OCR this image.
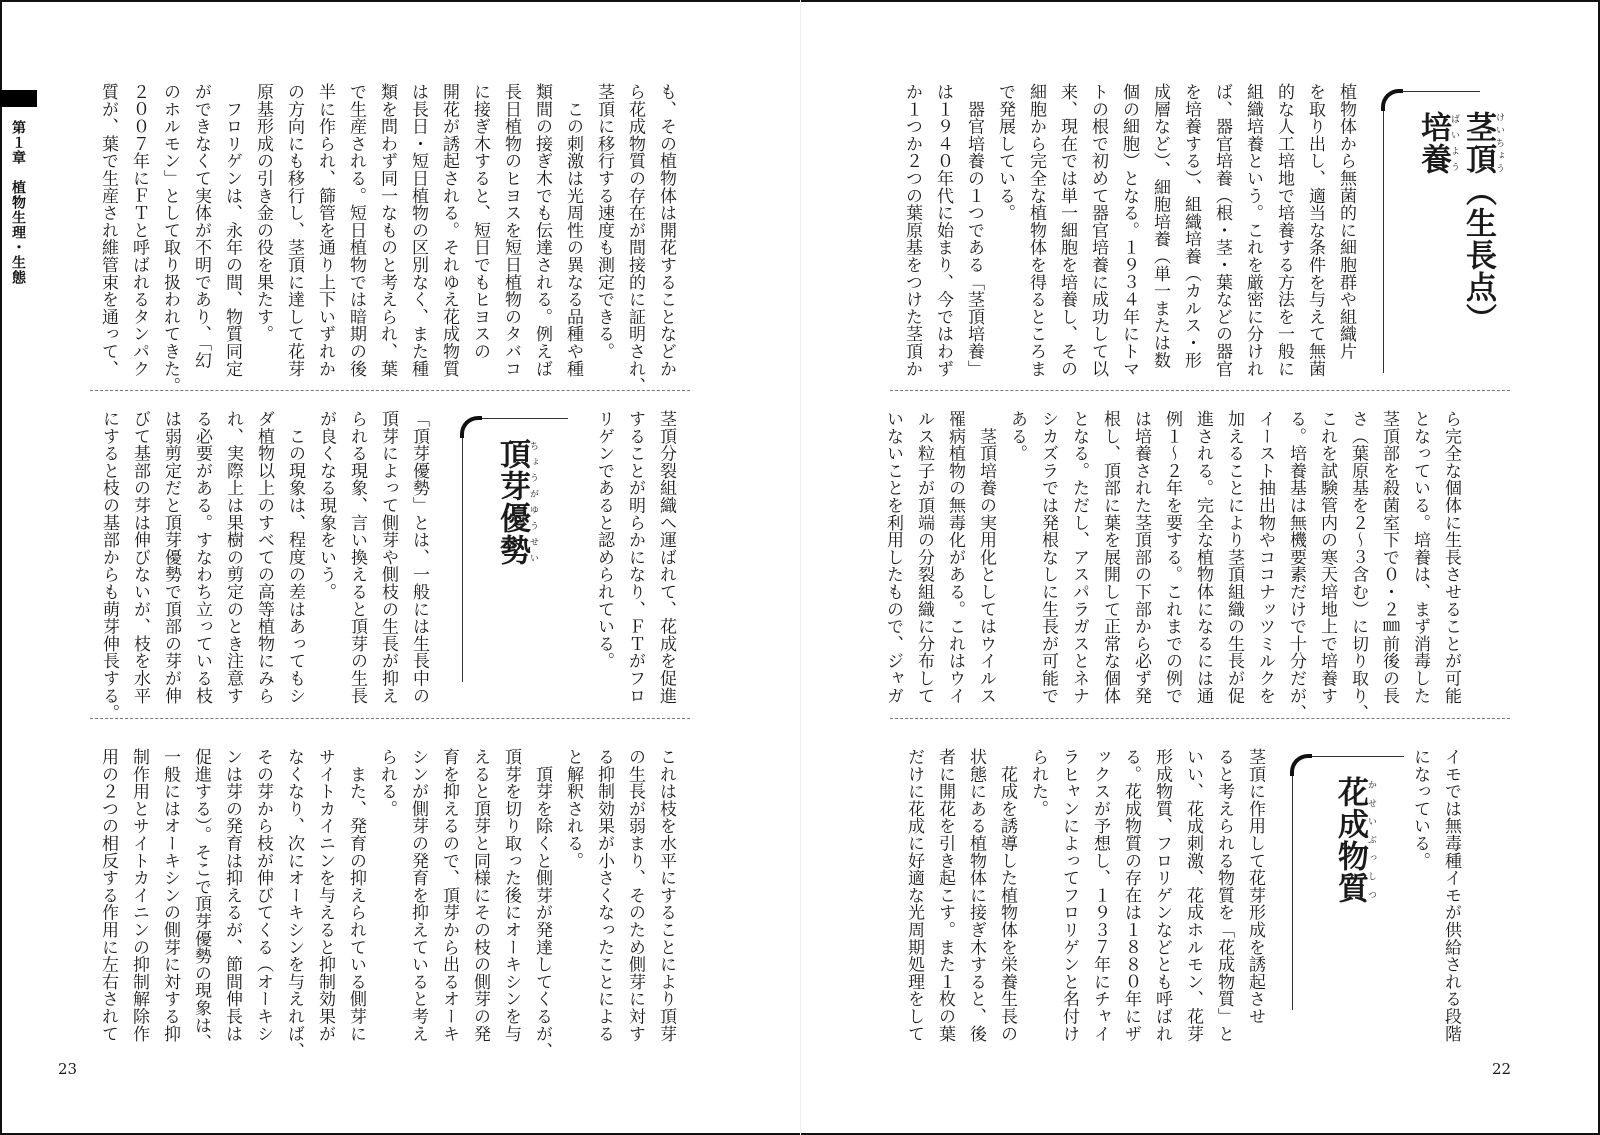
第１章　植物生理・生態	茎頂けいちょう（生長点）培養ばいよう
植物体から無菌的に細胞群や組織片
を取り出し、適当な条件を与えて無菌
的な人工培地で培養する方法を一般に
組織培養という。これを厳密に分けれ
ば、器官培養（根・茎・葉などの器官
を培養する）、組織培養（カルス・形
成層など）、細胞培養（単一または数
個の細胞）となる。１９３４年にトマ
トの根で初めて器官培養に成功して以
来、現在では単一細胞を培養し、その
細胞から完全な植物体を得るところま
で発展している。
　器官培養の１つである「茎頂培養」
は１９４０年代に始まり、今ではわず
か１つか２つの葉原基をつけた茎頂か
ら完全な個体に生長させることが可能
となっている。培養は、まず消毒した
茎頂部を殺菌室下で０・２㎜前後の長
さ（葉原基を２～３含む）に切り取り、
これを試験管内の寒天培地上で培養す
る。培養基は無機要素だけで十分だが、
イースト抽出物やココナッツミルクを
加えることにより茎頂組織の生長が促
進される。完全な植物体になるには通
例１～２年を要する。これまでの例で
は培養された茎頂部の下部から必ず発
根し、頂部に葉を展開して正常な個体
となる。ただし、アスパラガスとネナ
シカズラでは発根なしに生長が可能で
ある。
　茎頂培養の実用化としてはウイルス
罹病植物の無毒化がある。これはウイ
ルス粒子が頂端の分裂組織に分布して
いないことを利用したもので、ジャガ
イモでは無毒種イモが供給される段階
になっている。
花成物質かせいぶっしつ
茎頂に作用して花芽形成を誘起させ
ると考えられる物質を「花成物質」と
いい、花成刺激、花成ホルモン、花芽
形成物質、フロリゲンなどとも呼ばれ
る。花成物質の存在は１８８０年にザ
ックスが予想し、１９３７年にチャイ
ラヒャンによってフロリゲンと名付け
られた。
　花成を誘導した植物体を栄養生長の
状態にある植物体に接ぎ木すると、後
者に開花を引き起こす。また１枚の葉
だけに花成に好適な光周期処理をして
も、その植物体は開花することなどか
ら花成物質の存在が間接的に証明され、
茎頂に移行する速度も測定できる。
　この刺激は光周性の異なる品種や種
類間の接ぎ木でも伝達される。例えば
長日植物のヒヨスを短日植物のタバコ
に接ぎ木すると、短日でもヒヨスの
開花が誘起される。それゆえ花成物質
は長日・短日植物の区別なく、また種
類を問わず同一なものと考えられ、葉
で生産される。短日植物では暗期の後
半に作られ、篩管を通り上下いずれか
の方向にも移行し、茎頂に達して花芽
原基形成の引き金の役を果たす。
　フロリゲンは、永年の間、物質同定
ができなくて実体が不明であり、「幻
のホルモン」として取り扱われてきた。
２００７年にＦＴと呼ばれるタンパク
質が、葉で生産され維管束を通って、
茎頂分裂組織へ運ばれて、花成を促進
することが明らかになり、ＦＴがフロ
リゲンであると認められている。
頂芽優勢ちょうがゆうせい
「頂芽優勢」とは、一般には生長中の
頂芽によって側芽や側枝の生長が抑え
られる現象、言い換えると頂芽の生長
が良くなる現象をいう。
　この現象は、程度の差はあってもシ
ダ植物以上のすべての高等植物にみら
れ、実際上は果樹の剪定のとき注意す
る必要がある。すなわち立っている枝
は弱剪定だと頂芽優勢で頂部の芽が伸
びて基部の芽は伸びないが、枝を水平
にすると枝の基部からも萌芽伸長する。
これは枝を水平にすることにより頂芽
の生長が弱まり、そのため側芽に対す
る抑制効果が小さくなったことによる
と解釈される。
　頂芽を除くと側芽が発達してくるが、
頂芽を切り取った後にオーキシンを与
えると頂芽と同様にその枝の側芽の発
育を抑えるので、頂芽から出るオーキ
シンが側芽の発育を抑えていると考え
られる。
　また、発育の抑えられている側芽に
サイトカイニンを与えると抑制効果が
なくなり、次にオーキシンを与えれば、
その芽から枝が伸びてくる（オーキシ
ンは芽の発育は抑えるが、節間伸長は
促進する）。そこで頂芽優勢の現象は、
一般にはオーキシンの側芽に対する抑
制作用とサイトカイニンの抑制解除作
用の２つの相反する作用に左右されて
22
23
